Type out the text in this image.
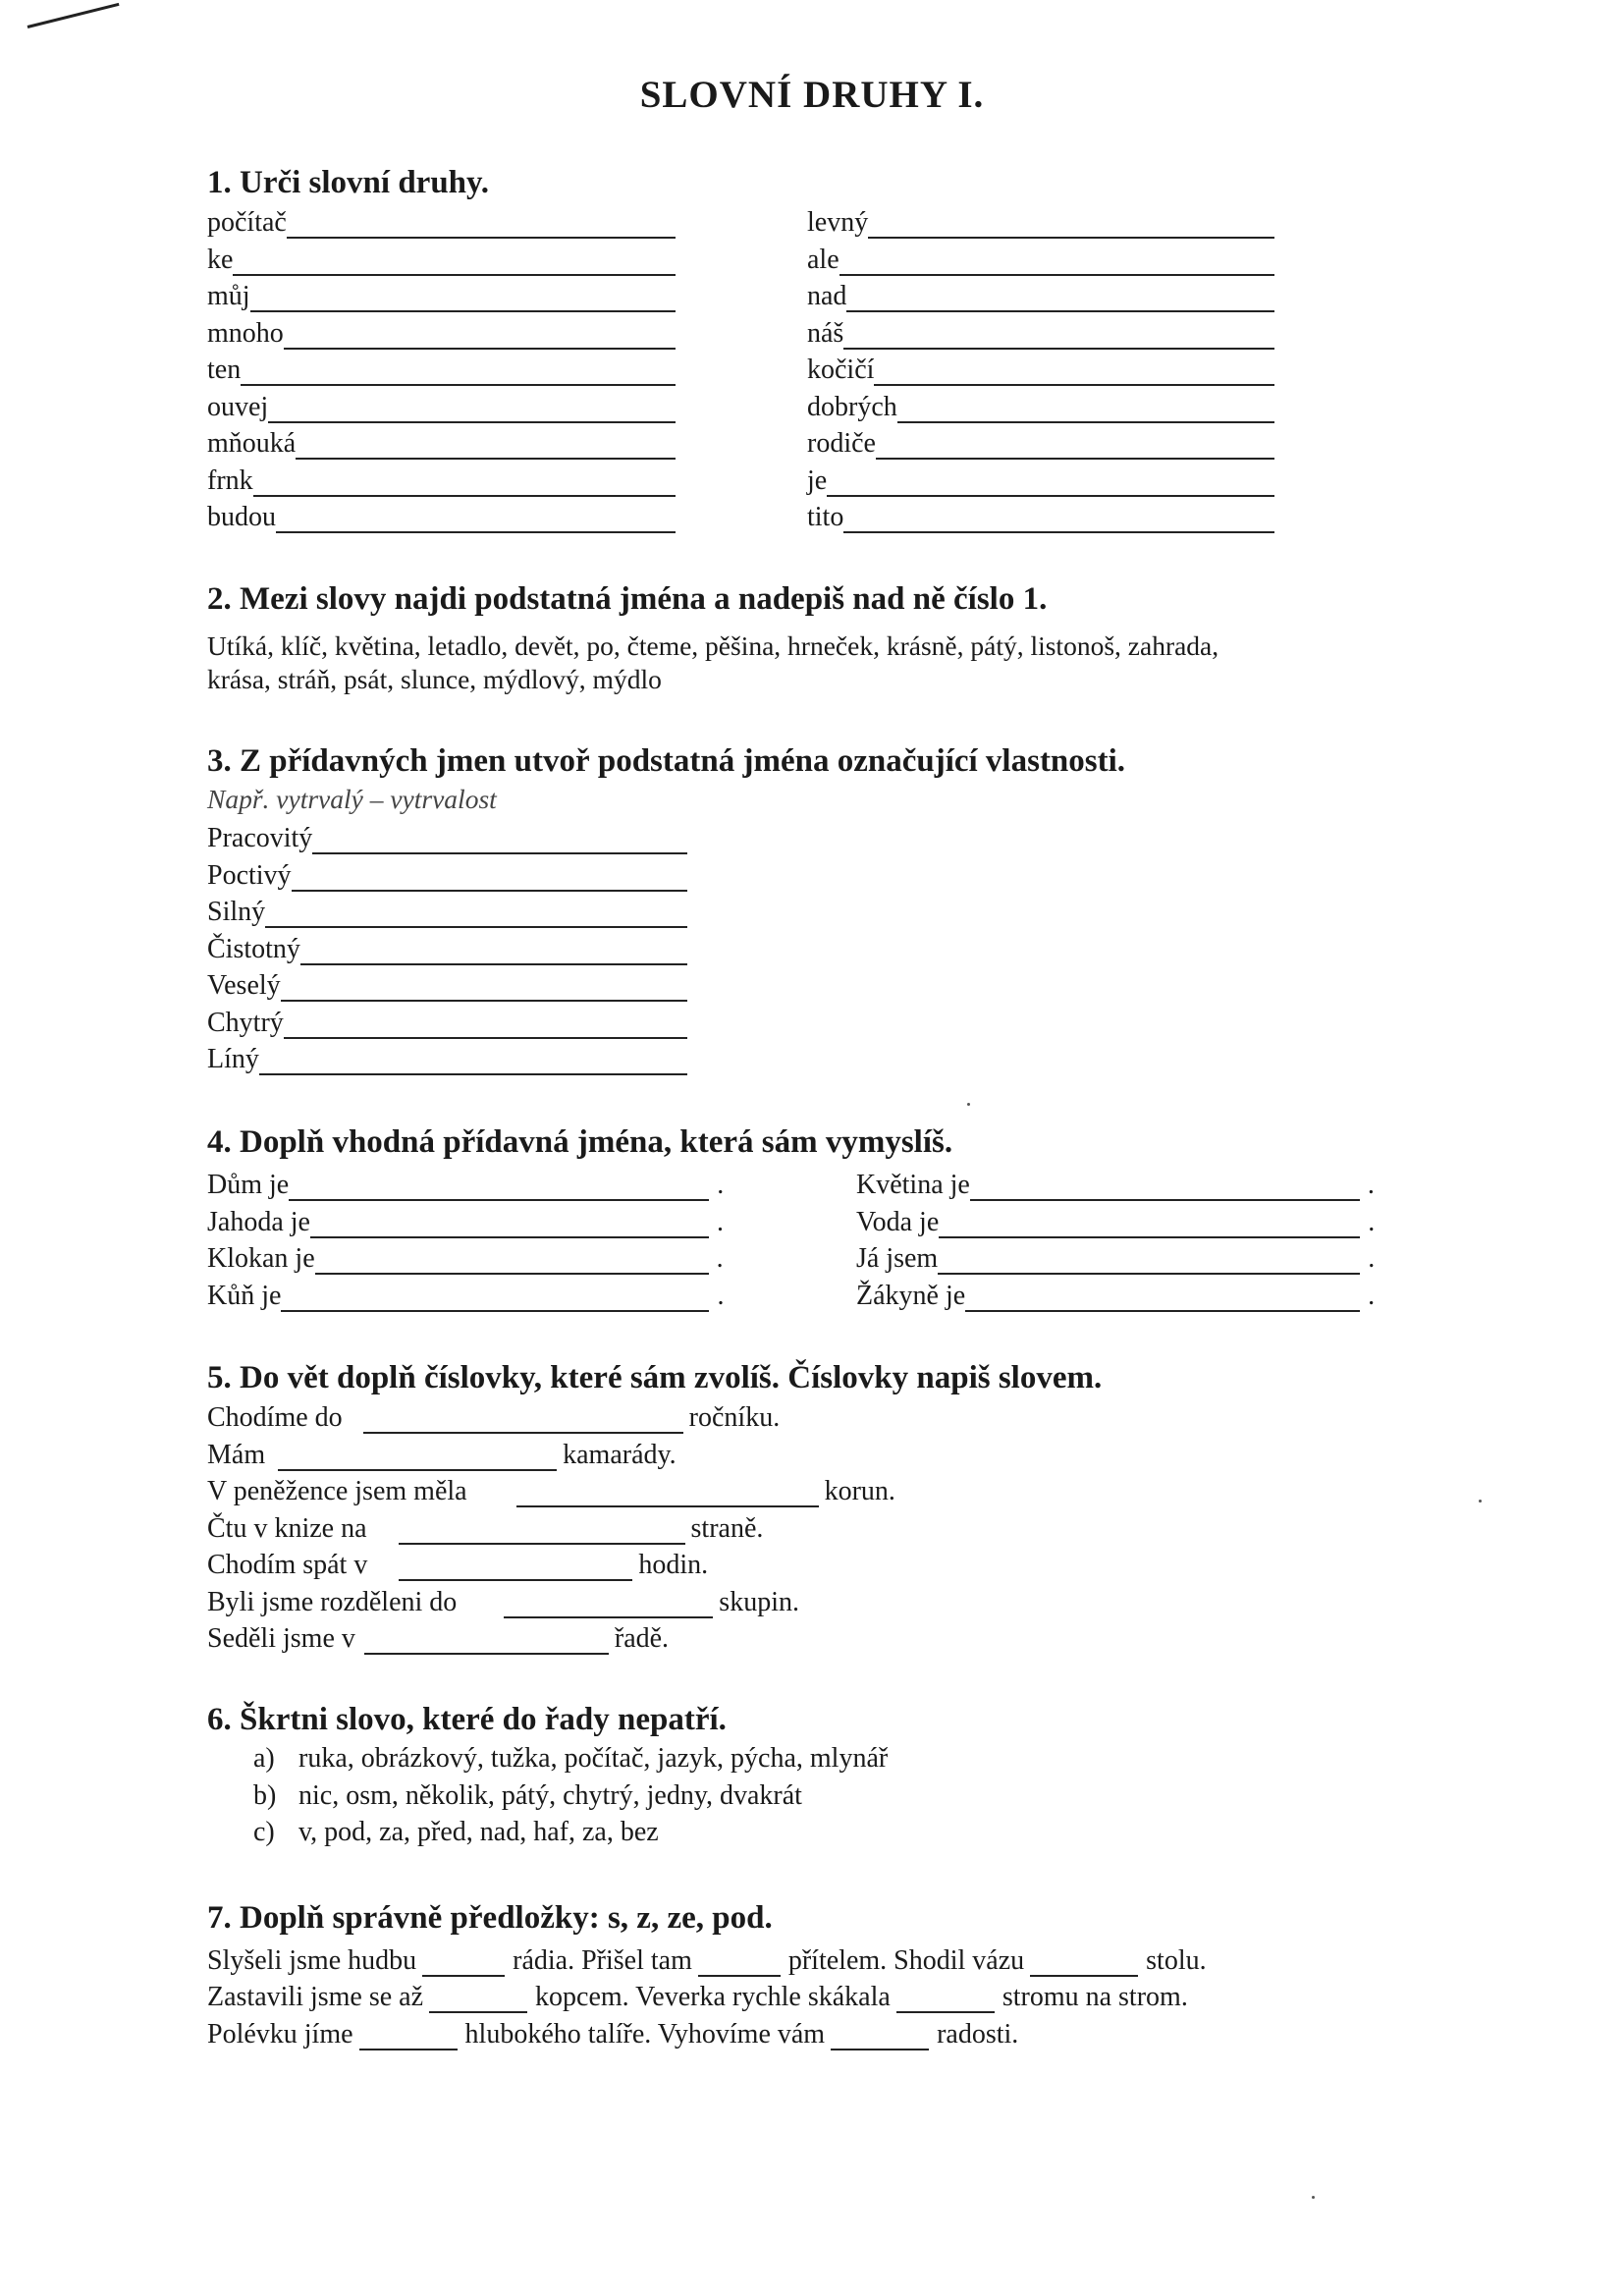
SLOVNÍ DRUHY I.
1. Urči slovní druhy.
počítač
ke
můj
mnoho
ten
ouvej
mňouká
frnk
budou
levný
ale
nad
náš
kočičí
dobrých
rodiče
je
tito
2. Mezi slovy najdi podstatná jména a nadepiš nad ně číslo 1.
Utíká, klíč, květina, letadlo, devět, po, čteme, pěšina, hrneček, krásně, pátý, listonoš, zahrada,
krása, stráň, psát, slunce, mýdlový, mýdlo
3. Z přídavných jmen utvoř podstatná jména označující vlastnosti.
Např. vytrvalý – vytrvalost
Pracovitý
Poctivý
Silný
Čistotný
Veselý
Chytrý
Líný
4. Doplň vhodná přídavná jména, která sám vymyslíš.
Dům je	.
Jahoda je	.
Klokan je	.
Kůň je	.
Květina je	.
Voda je	.
Já jsem	.
Žákyně je	.
5. Do vět doplň číslovky, které sám zvolíš. Číslovky napiš slovem.
Chodíme do	ročníku.
Mám	kamarády.
V peněžence jsem měla	korun.
Čtu v knize na	straně.
Chodím spát v	hodin.
Byli jsme rozděleni do	skupin.
Seděli jsme v	řadě.
6. Škrtni slovo, které do řady nepatří.
a) ruka, obrázkový, tužka, počítač, jazyk, pýcha, mlynář
b) nic, osm, několik, pátý, chytrý, jedny, dvakrát
c) v, pod, za, před, nad, haf, za, bez
7. Doplň správně předložky: s, z, ze, pod.
Slyšeli jsme hudbu	rádia. Přišel tam	přítelem. Shodil vázu	stolu.
Zastavili jsme se až	kopcem. Veverka rychle skákala	stromu na strom.
Polévku jíme	hlubokého talíře. Vyhovíme vám	radosti.
